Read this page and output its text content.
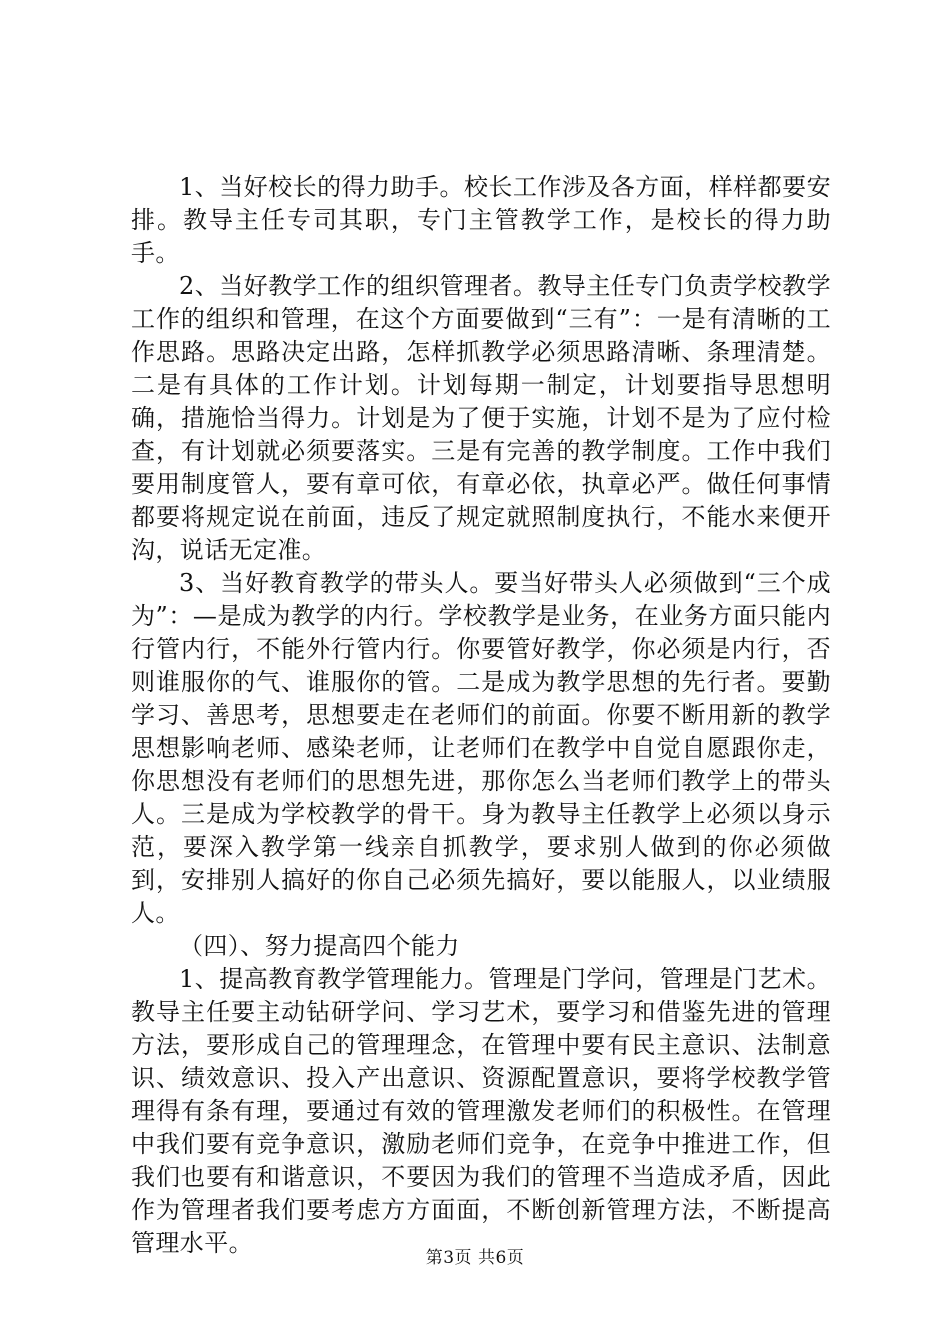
1、当好校长的得力助手。校长工作涉及各方面，样样都要安排。教导主任专司其职，专门主管教学工作，是校长的得力助手。

2、当好教学工作的组织管理者。教导主任专门负责学校教学工作的组织和管理，在这个方面要做到“三有”：一是有清晰的工作思路。思路决定出路，怎样抓教学必须思路清晰、条理清楚。二是有具体的工作计划。计划每期一制定，计划要指导思想明确，措施恰当得力。计划是为了便于实施，计划不是为了应付检查，有计划就必须要落实。三是有完善的教学制度。工作中我们要用制度管人，要有章可依，有章必依，执章必严。做任何事情都要将规定说在前面，违反了规定就照制度执行，不能水来便开沟，说话无定准。

3、当好教育教学的带头人。要当好带头人必须做到“三个成为”：—是成为教学的内行。学校教学是业务，在业务方面只能内行管内行，不能外行管内行。你要管好教学，你必须是内行，否则谁服你的气、谁服你的管。二是成为教学思想的先行者。要勤学习、善思考，思想要走在老师们的前面。你要不断用新的教学思想影响老师、感染老师，让老师们在教学中自觉自愿跟你走，你思想没有老师们的思想先进，那你怎么当老师们教学上的带头人。三是成为学校教学的骨干。身为教导主任教学上必须以身示范，要深入教学第一线亲自抓教学，要求别人做到的你必须做到，安排别人搞好的你自己必须先搞好，要以能服人，以业绩服人。

（四）、努力提高四个能力

1、提高教育教学管理能力。管理是门学问，管理是门艺术。教导主任要主动钻研学问、学习艺术，要学习和借鉴先进的管理方法，要形成自己的管理理念，在管理中要有民主意识、法制意识、绩效意识、投入产出意识、资源配置意识，要将学校教学管理得有条有理，要通过有效的管理激发老师们的积极性。在管理中我们要有竞争意识，激励老师们竞争，在竞争中推进工作，但我们也要有和谐意识，不要因为我们的管理不当造成矛盾，因此作为管理者我们要考虑方方面面，不断创新管理方法，不断提高管理水平。

第3页 共6页
